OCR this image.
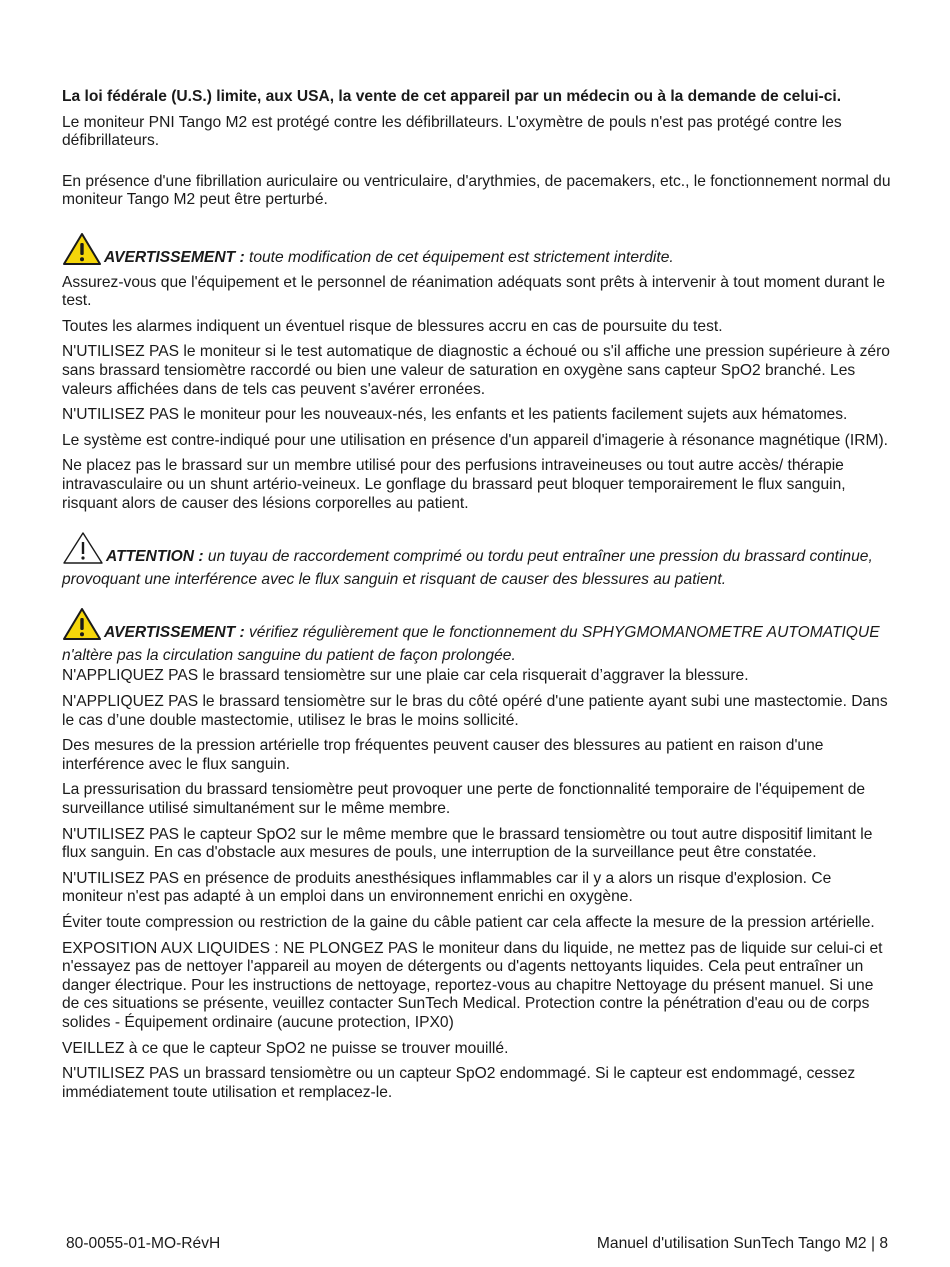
La loi fédérale (U.S.) limite, aux USA, la vente de cet appareil par un médecin ou à la demande de celui-ci.

Le moniteur PNI Tango M2 est protégé contre les défibrillateurs. L'oxymètre de pouls n'est pas protégé contre les défibrillateurs.

En présence d'une fibrillation auriculaire ou ventriculaire, d'arythmies, de pacemakers, etc., le fonctionnement normal du moniteur Tango M2 peut être perturbé.

AVERTISSEMENT : toute modification de cet équipement est strictement interdite.

Assurez-vous que l'équipement et le personnel de réanimation adéquats sont prêts à intervenir à tout moment durant le test.

Toutes les alarmes indiquent un éventuel risque de blessures accru en cas de poursuite du test.

N'UTILISEZ PAS le moniteur si le test automatique de diagnostic a échoué ou s'il affiche une pression supérieure à zéro sans brassard tensiomètre raccordé ou bien une valeur de saturation en oxygène sans capteur SpO2 branché. Les valeurs affichées dans de tels cas peuvent s'avérer erronées.

N'UTILISEZ PAS le moniteur pour les nouveaux-nés, les enfants et les patients facilement sujets aux hématomes.

Le système est contre-indiqué pour une utilisation en présence d'un appareil d'imagerie à résonance magnétique (IRM).

Ne placez pas le brassard sur un membre utilisé pour des perfusions intraveineuses ou tout autre accès/ thérapie intravasculaire ou un shunt artério-veineux. Le gonflage du brassard peut bloquer temporairement le flux sanguin, risquant alors de causer des lésions corporelles au patient.

ATTENTION : un tuyau de raccordement comprimé ou tordu peut entraîner une pression du brassard continue, provoquant une interférence avec le flux sanguin et risquant de causer des blessures au patient.
AVERTISSEMENT : vérifiez régulièrement que le fonctionnement du SPHYGMOMANOMETRE AUTOMATIQUE n'altère pas la circulation sanguine du patient de façon prolongée.

N'APPLIQUEZ PAS le brassard tensiomètre sur une plaie car cela risquerait d’aggraver la blessure.

N'APPLIQUEZ PAS le brassard tensiomètre sur le bras du côté opéré d'une patiente ayant subi une mastectomie. Dans le cas d’une double mastectomie, utilisez le bras le moins sollicité.

Des mesures de la pression artérielle trop fréquentes peuvent causer des blessures au patient en raison d'une interférence avec le flux sanguin.

La pressurisation du brassard tensiomètre peut provoquer une perte de fonctionnalité temporaire de l'équipement de surveillance utilisé simultanément sur le même membre.

N'UTILISEZ PAS le capteur SpO2 sur le même membre que le brassard tensiomètre ou tout autre dispositif limitant le flux sanguin. En cas d'obstacle aux mesures de pouls, une interruption de la surveillance peut être constatée.

N'UTILISEZ PAS en présence de produits anesthésiques inflammables car il y a alors un risque d'explosion. Ce moniteur n'est pas adapté à un emploi dans un environnement enrichi en oxygène.

Éviter toute compression ou restriction de la gaine du câble patient car cela affecte la mesure de la pression artérielle.

EXPOSITION AUX LIQUIDES : NE PLONGEZ PAS le moniteur dans du liquide, ne mettez pas de liquide sur celui-ci et n'essayez pas de nettoyer l'appareil au moyen de détergents ou d'agents nettoyants liquides. Cela peut entraîner un danger électrique. Pour les instructions de nettoyage, reportez-vous au chapitre Nettoyage du présent manuel. Si une de ces situations se présente, veuillez contacter SunTech Medical. Protection contre la pénétration d'eau ou de corps solides - Équipement ordinaire (aucune protection, IPX0)

VEILLEZ à ce que le capteur SpO2 ne puisse se trouver mouillé.

N'UTILISEZ PAS un brassard tensiomètre ou un capteur SpO2 endommagé. Si le capteur est endommagé, cessez immédiatement toute utilisation et remplacez-le.

80-0055-01-MO-RévH	Manuel d'utilisation SunTech Tango M2 | 8
